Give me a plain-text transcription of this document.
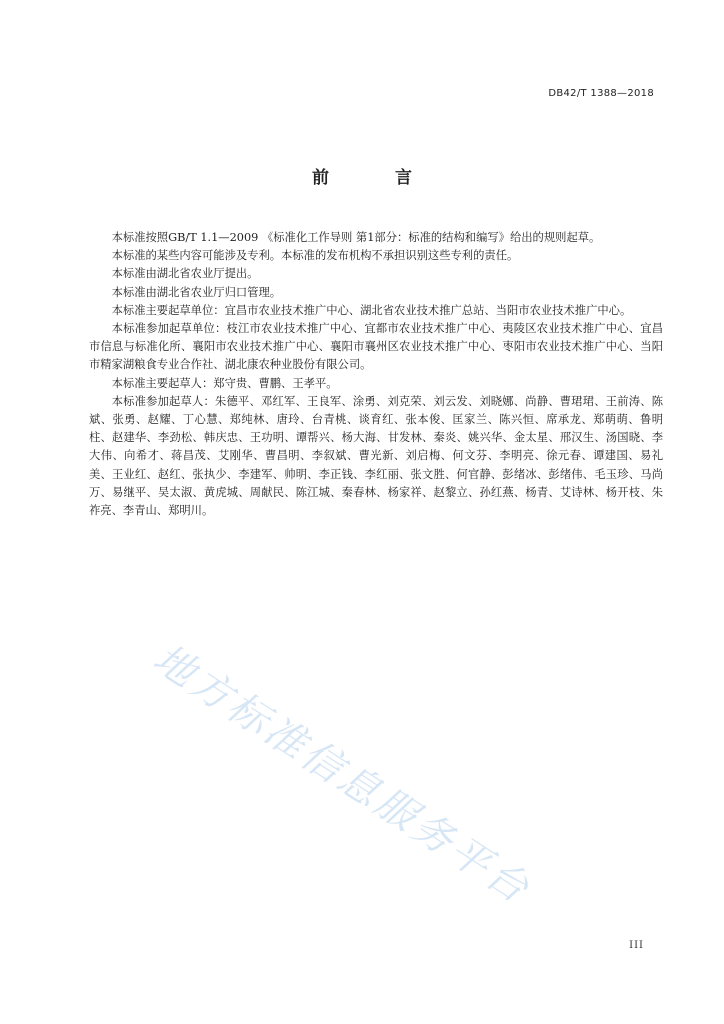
DB42/T 1388—2018
前 言

本标准按照GB/T 1.1—2009 《标准化工作导则 第1部分：标准的结构和编写》给出的规则起草。

本标准的某些内容可能涉及专利。本标准的发布机构不承担识别这些专利的责任。

本标准由湖北省农业厅提出。

本标准由湖北省农业厅归口管理。

本标准主要起草单位：宜昌市农业技术推广中心、湖北省农业技术推广总站、当阳市农业技术推广中心。

本标准参加起草单位：枝江市农业技术推广中心、宜都市农业技术推广中心、夷陵区农业技术推广中心、宜昌市信息与标准化所、襄阳市农业技术推广中心、襄阳市襄州区农业技术推广中心、枣阳市农业技术推广中心、当阳市精家湖粮食专业合作社、湖北康农种业股份有限公司。

本标准主要起草人：郑守贵、曹鹏、王孝平。

本标准参加起草人：朱德平、邓红军、王良军、涂勇、刘克荣、刘云发、刘晓娜、尚静、曹珺珺、王前涛、陈斌、张勇、赵耀、丁心慧、郑纯林、唐玲、台青桃、谈育红、张本俊、匡家兰、陈兴恒、席承龙、郑萌萌、鲁明柱、赵建华、李劲松、韩庆忠、王功明、谭帮兴、杨大海、甘发林、秦炎、姚兴华、金太星、邢汉生、汤国晓、李大伟、向希才、蒋昌茂、艾刚华、曹昌明、李叙斌、曹光新、刘启梅、何文芬、李明亮、徐元春、谭建国、易礼美、王业红、赵红、张执少、李建军、帅明、李正钱、李红丽、张文胜、何官静、彭绪冰、彭绪伟、毛玉珍、马尚万、易继平、吴太淑、黄虎城、周献民、陈江城、秦春林、杨家祥、赵黎立、孙红燕、杨青、艾诗林、杨开枝、朱祚亮、李青山、郑明川。

地方标准信息服务平台
III
